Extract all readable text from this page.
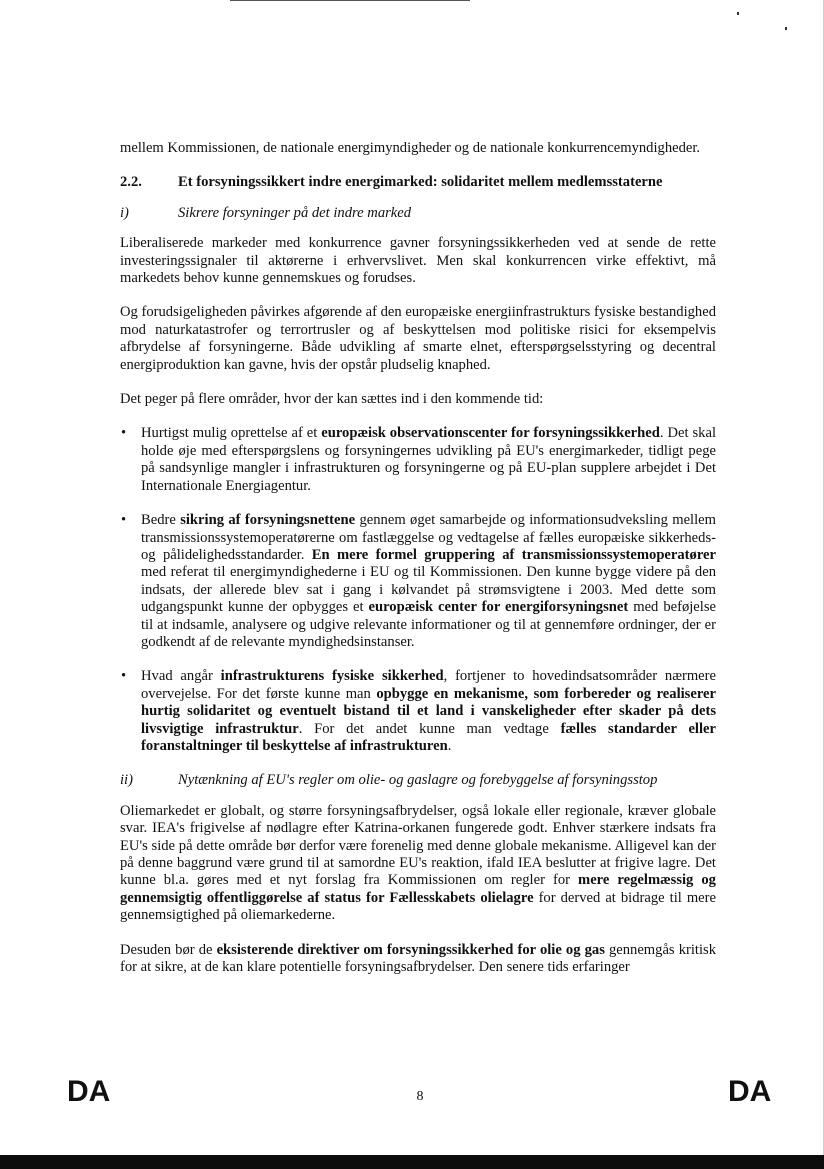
mellem Kommissionen, de nationale energimyndigheder og de nationale konkurrencemyndigheder.

2.2.	Et forsyningssikkert indre energimarked: solidaritet mellem medlemsstaterne
i)	Sikrere forsyninger på det indre marked

Liberaliserede markeder med konkurrence gavner forsyningssikkerheden ved at sende de rette investeringssignaler til aktørerne i erhvervslivet. Men skal konkurrencen virke effektivt, må markedets behov kunne gennemskues og forudses.

Og forudsigeligheden påvirkes afgørende af den europæiske energiinfrastrukturs fysiske bestandighed mod naturkatastrofer og terrortrusler og af beskyttelsen mod politiske risici for eksempelvis afbrydelse af forsyningerne. Både udvikling af smarte elnet, efterspørgselsstyring og decentral energiproduktion kan gavne, hvis der opstår pludselig knaphed.

Det peger på flere områder, hvor der kan sættes ind i den kommende tid:

• Hurtigst mulig oprettelse af et europæisk observationscenter for forsyningssikkerhed. Det skal holde øje med efterspørgslens og forsyningernes udvikling på EU's energimarkeder, tidligt pege på sandsynlige mangler i infrastrukturen og forsyningerne og på EU-plan supplere arbejdet i Det Internationale Energiagentur.
• Bedre sikring af forsyningsnettene gennem øget samarbejde og informationsudveksling mellem transmissionssystemoperatørerne om fastlæggelse og vedtagelse af fælles europæiske sikkerheds- og pålidelighedsstandarder. En mere formel gruppering af transmissionssystemoperatører med referat til energimyndighederne i EU og til Kommissionen. Den kunne bygge videre på den indsats, der allerede blev sat i gang i kølvandet på strømsvigtene i 2003. Med dette som udgangspunkt kunne der opbygges et europæisk center for energiforsyningsnet med beføjelse til at indsamle, analysere og udgive relevante informationer og til at gennemføre ordninger, der er godkendt af de relevante myndighedsinstanser.
• Hvad angår infrastrukturens fysiske sikkerhed, fortjener to hovedindsatsområder nærmere overvejelse. For det første kunne man opbygge en mekanisme, som forbereder og realiserer hurtig solidaritet og eventuelt bistand til et land i vanskeligheder efter skader på dets livsvigtige infrastruktur. For det andet kunne man vedtage fælles standarder eller foranstaltninger til beskyttelse af infrastrukturen.
ii)	Nytænkning af EU's regler om olie- og gaslagre og forebyggelse af forsyningsstop

Oliemarkedet er globalt, og større forsyningsafbrydelser, også lokale eller regionale, kræver globale svar. IEA's frigivelse af nødlagre efter Katrina-orkanen fungerede godt. Enhver stærkere indsats fra EU's side på dette område bør derfor være forenelig med denne globale mekanisme. Alligevel kan der på denne baggrund være grund til at samordne EU's reaktion, ifald IEA beslutter at frigive lagre. Det kunne bl.a. gøres med et nyt forslag fra Kommissionen om regler for mere regelmæssig og gennemsigtig offentliggørelse af status for Fællesskabets olielagre for derved at bidrage til mere gennemsigtighed på oliemarkederne.

Desuden bør de eksisterende direktiver om forsyningssikkerhed for olie og gas gennemgås kritisk for at sikre, at de kan klare potentielle forsyningsafbrydelser. Den senere tids erfaringer

DA	8	DA
